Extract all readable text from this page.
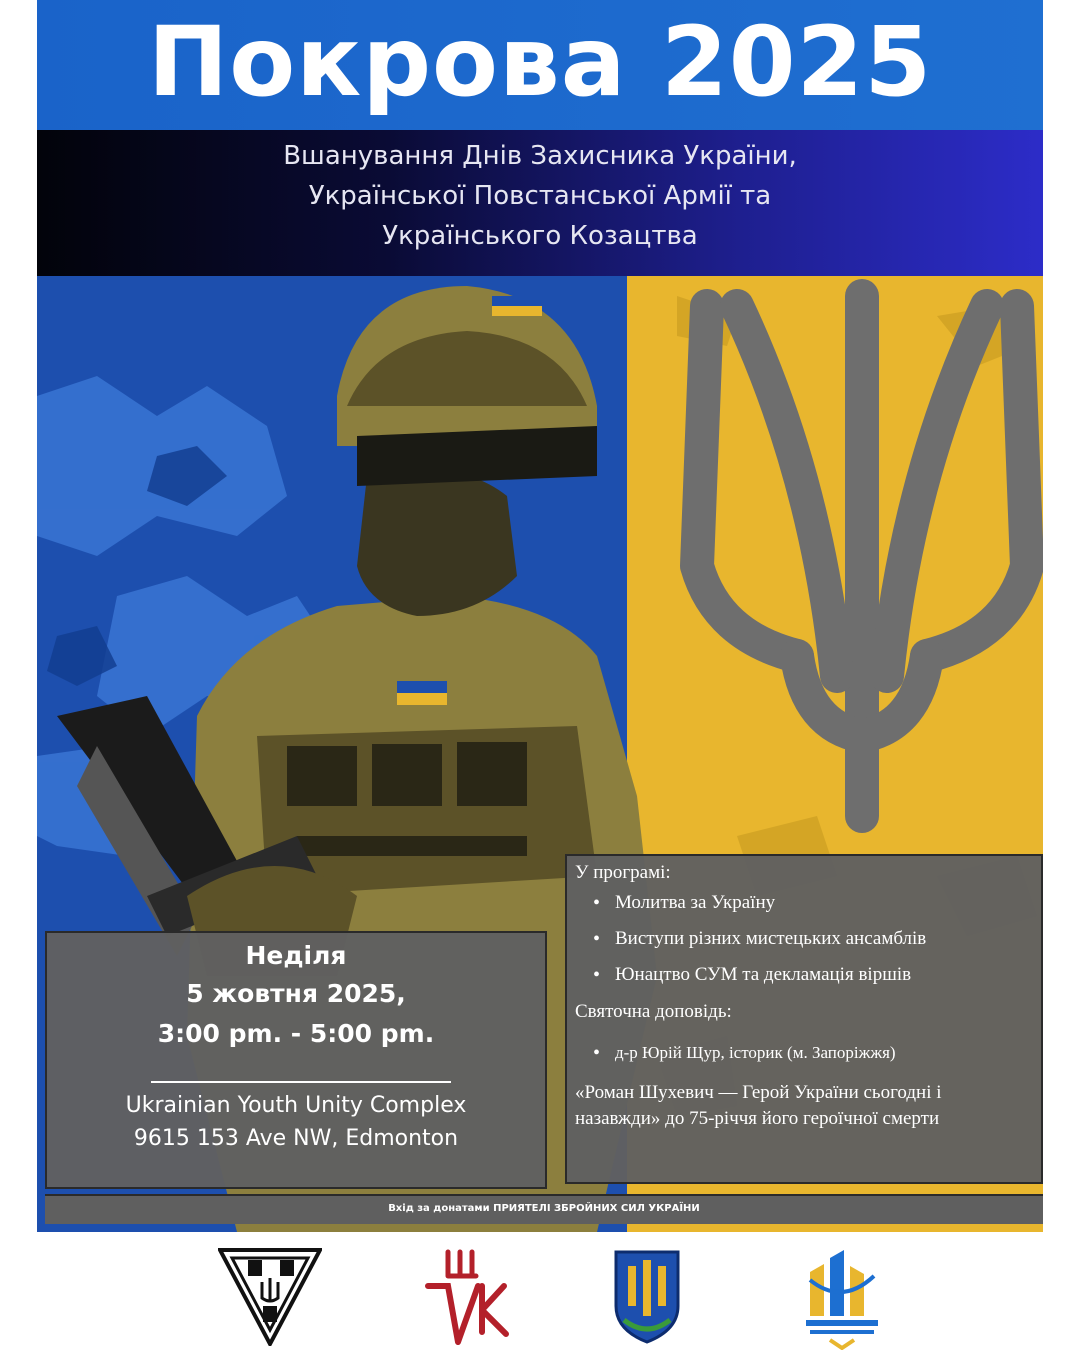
Покрова 2025
Вшанування Днів Захисника України,
Української Повстанської Армії та
Українського Козацтва
Неділя
5 жовтня 2025,
3:00 pm. - 5:00 pm.
Ukrainian Youth Unity Complex
9615 153 Ave NW, Edmonton
У програмі:
• Молитва за Україну
• Виступи різних мистецьких ансамблів
• Юнацтво СУМ та декламація віршів
Святочна доповідь:
• д-р Юрій Щур, історик (м. Запоріжжя)
«Роман Шухевич — Герой України сьогодні і
назавжди» до 75-річчя його героїчної смерти
Вхід за донатами ПРИЯТЕЛІ ЗБРОЙНИХ СИЛ УКРАЇНИ
